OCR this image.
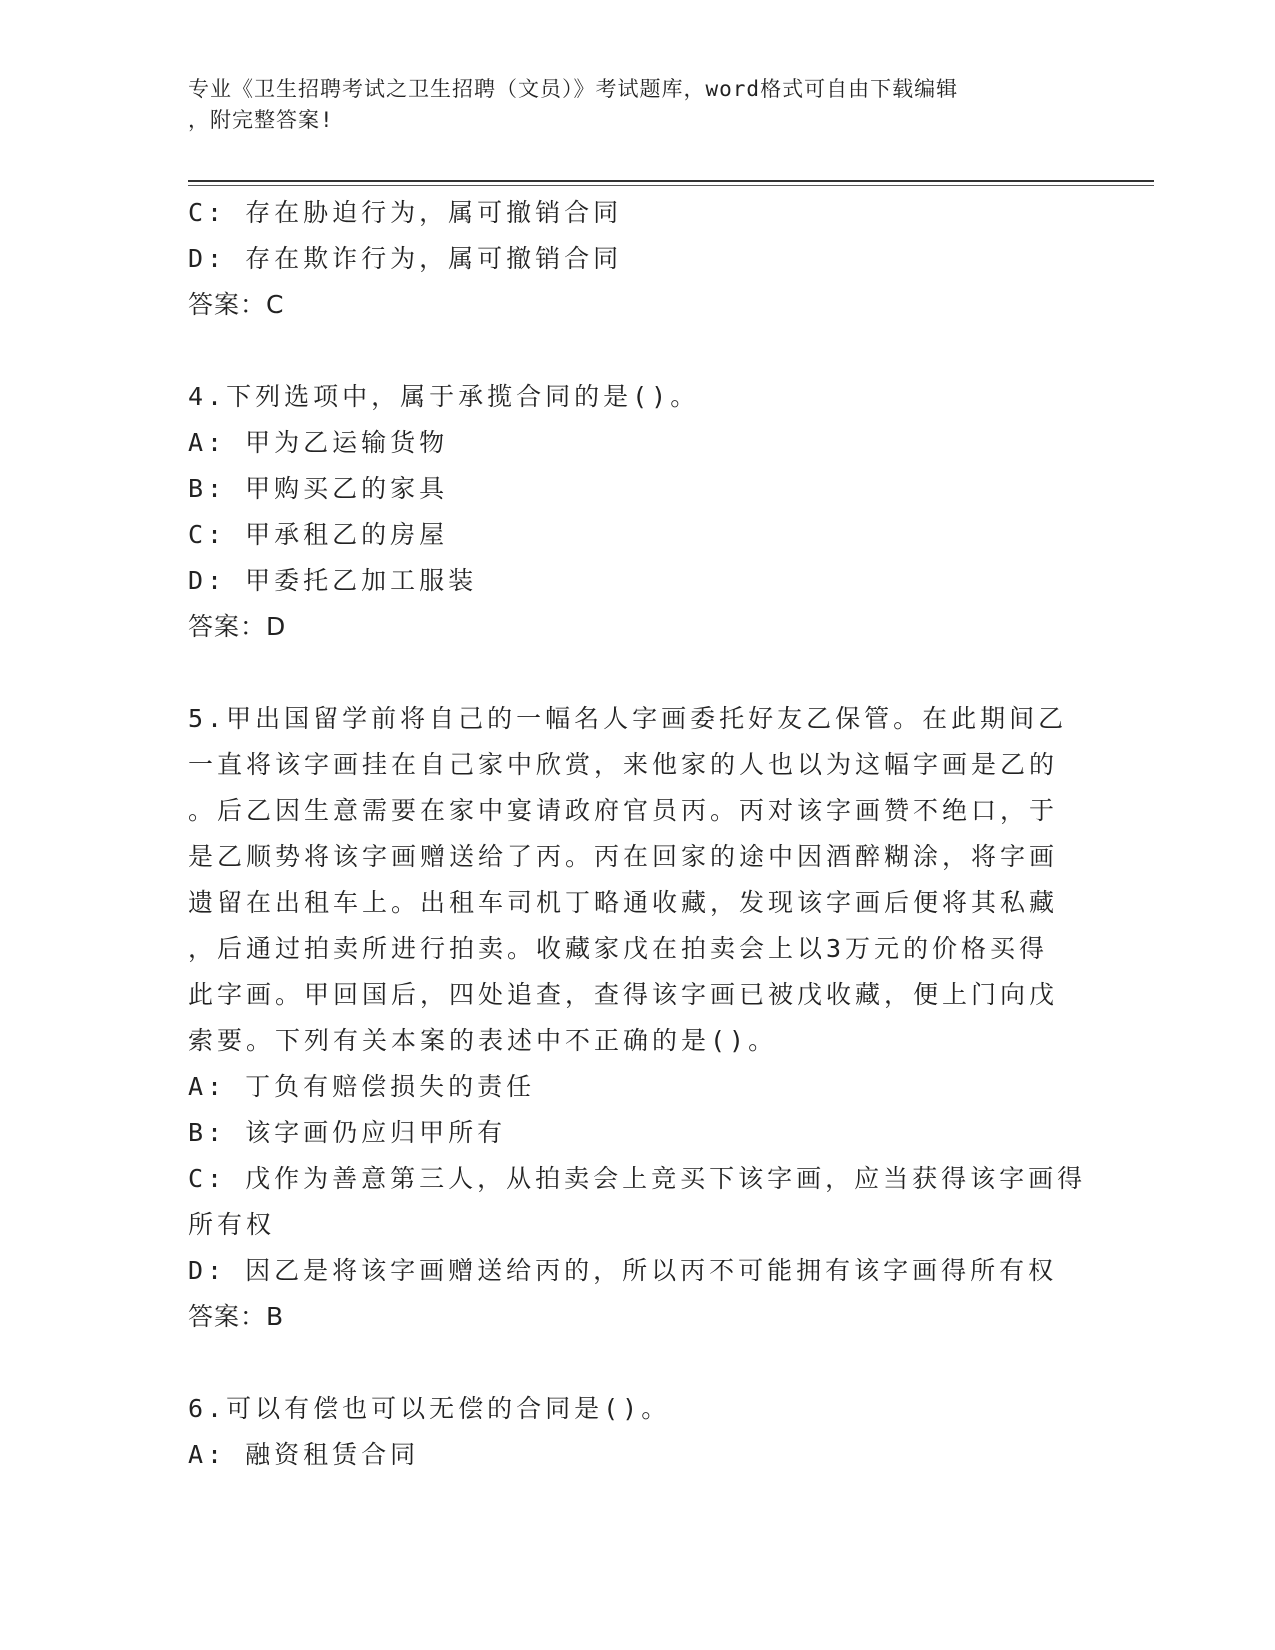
专业《卫生招聘考试之卫生招聘（文员）》考试题库，word格式可自由下载编辑
，附完整答案!
C: 存在胁迫行为，属可撤销合同
D: 存在欺诈行为，属可撤销合同
答案：C
4.下列选项中，属于承揽合同的是()。
A: 甲为乙运输货物
B: 甲购买乙的家具
C: 甲承租乙的房屋
D: 甲委托乙加工服装
答案：D
5.甲出国留学前将自己的一幅名人字画委托好友乙保管。在此期间乙
一直将该字画挂在自己家中欣赏，来他家的人也以为这幅字画是乙的
。后乙因生意需要在家中宴请政府官员丙。丙对该字画赞不绝口，于
是乙顺势将该字画赠送给了丙。丙在回家的途中因酒醉糊涂，将字画
遗留在出租车上。出租车司机丁略通收藏，发现该字画后便将其私藏
，后通过拍卖所进行拍卖。收藏家戊在拍卖会上以3万元的价格买得
此字画。甲回国后，四处追查，查得该字画已被戊收藏，便上门向戊
索要。下列有关本案的表述中不正确的是()。
A: 丁负有赔偿损失的责任
B: 该字画仍应归甲所有
C: 戊作为善意第三人，从拍卖会上竞买下该字画，应当获得该字画得
所有权
D: 因乙是将该字画赠送给丙的，所以丙不可能拥有该字画得所有权
答案：B
6.可以有偿也可以无偿的合同是()。
A: 融资租赁合同
